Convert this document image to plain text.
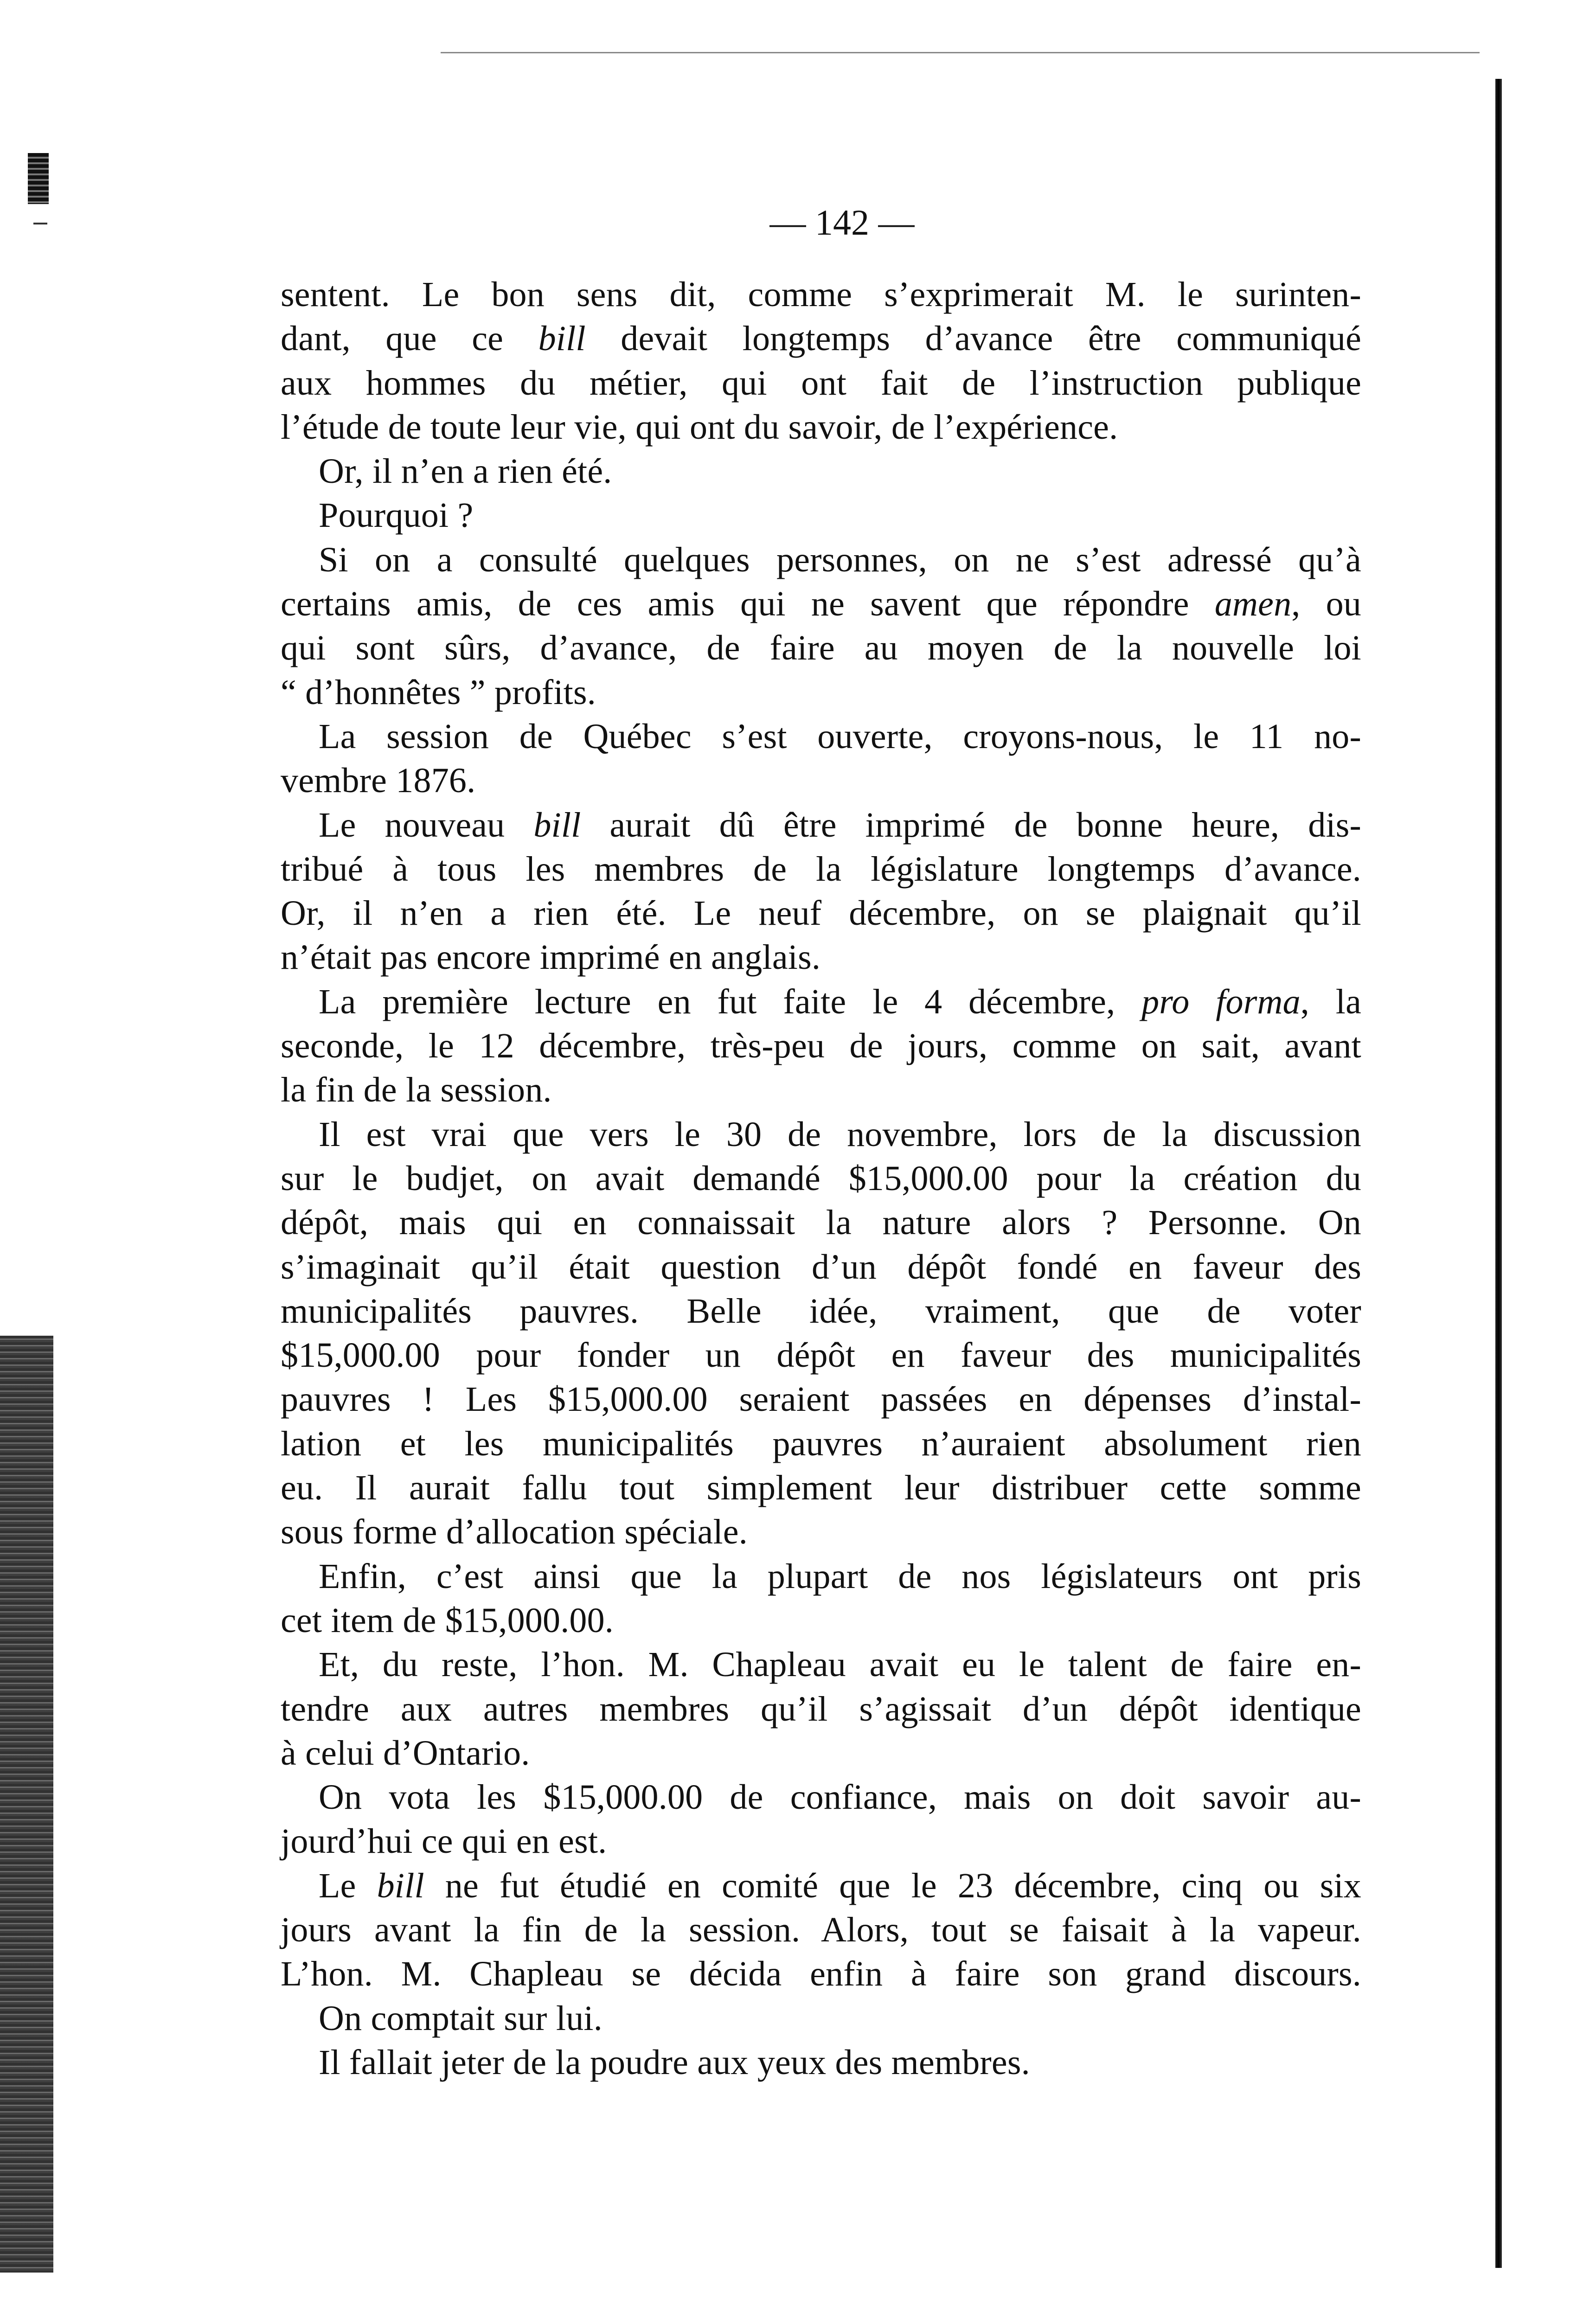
— 142 —
sentent. Le bon sens dit, comme s’exprimerait M. le surinten-
dant, que ce bill devait longtemps d’avance être communiqué
aux hommes du métier, qui ont fait de l’instruction publique
l’étude de toute leur vie, qui ont du savoir, de l’expérience.
Or, il n’en a rien été.
Pourquoi ?
Si on a consulté quelques personnes, on ne s’est adressé qu’à
certains amis, de ces amis qui ne savent que répondre amen, ou
qui sont sûrs, d’avance, de faire au moyen de la nouvelle loi
“ d’honnêtes ” profits.
La session de Québec s’est ouverte, croyons-nous, le 11 no-
vembre 1876.
Le nouveau bill aurait dû être imprimé de bonne heure, dis-
tribué à tous les membres de la législature longtemps d’avance.
Or, il n’en a rien été. Le neuf décembre, on se plaignait qu’il
n’était pas encore imprimé en anglais.
La première lecture en fut faite le 4 décembre, pro forma, la
seconde, le 12 décembre, très-peu de jours, comme on sait, avant
la fin de la session.
Il est vrai que vers le 30 de novembre, lors de la discussion
sur le budjet, on avait demandé $15,000.00 pour la création du
dépôt, mais qui en connaissait la nature alors ? Personne. On
s’imaginait qu’il était question d’un dépôt fondé en faveur des
municipalités pauvres. Belle idée, vraiment, que de voter
$15,000.00 pour fonder un dépôt en faveur des municipalités
pauvres ! Les $15,000.00 seraient passées en dépenses d’instal-
lation et les municipalités pauvres n’auraient absolument rien
eu. Il aurait fallu tout simplement leur distribuer cette somme
sous forme d’allocation spéciale.
Enfin, c’est ainsi que la plupart de nos législateurs ont pris
cet item de $15,000.00.
Et, du reste, l’hon. M. Chapleau avait eu le talent de faire en-
tendre aux autres membres qu’il s’agissait d’un dépôt identique
à celui d’Ontario.
On vota les $15,000.00 de confiance, mais on doit savoir au-
jourd’hui ce qui en est.
Le bill ne fut étudié en comité que le 23 décembre, cinq ou six
jours avant la fin de la session. Alors, tout se faisait à la vapeur.
L’hon. M. Chapleau se décida enfin à faire son grand discours.
On comptait sur lui.
Il fallait jeter de la poudre aux yeux des membres.
